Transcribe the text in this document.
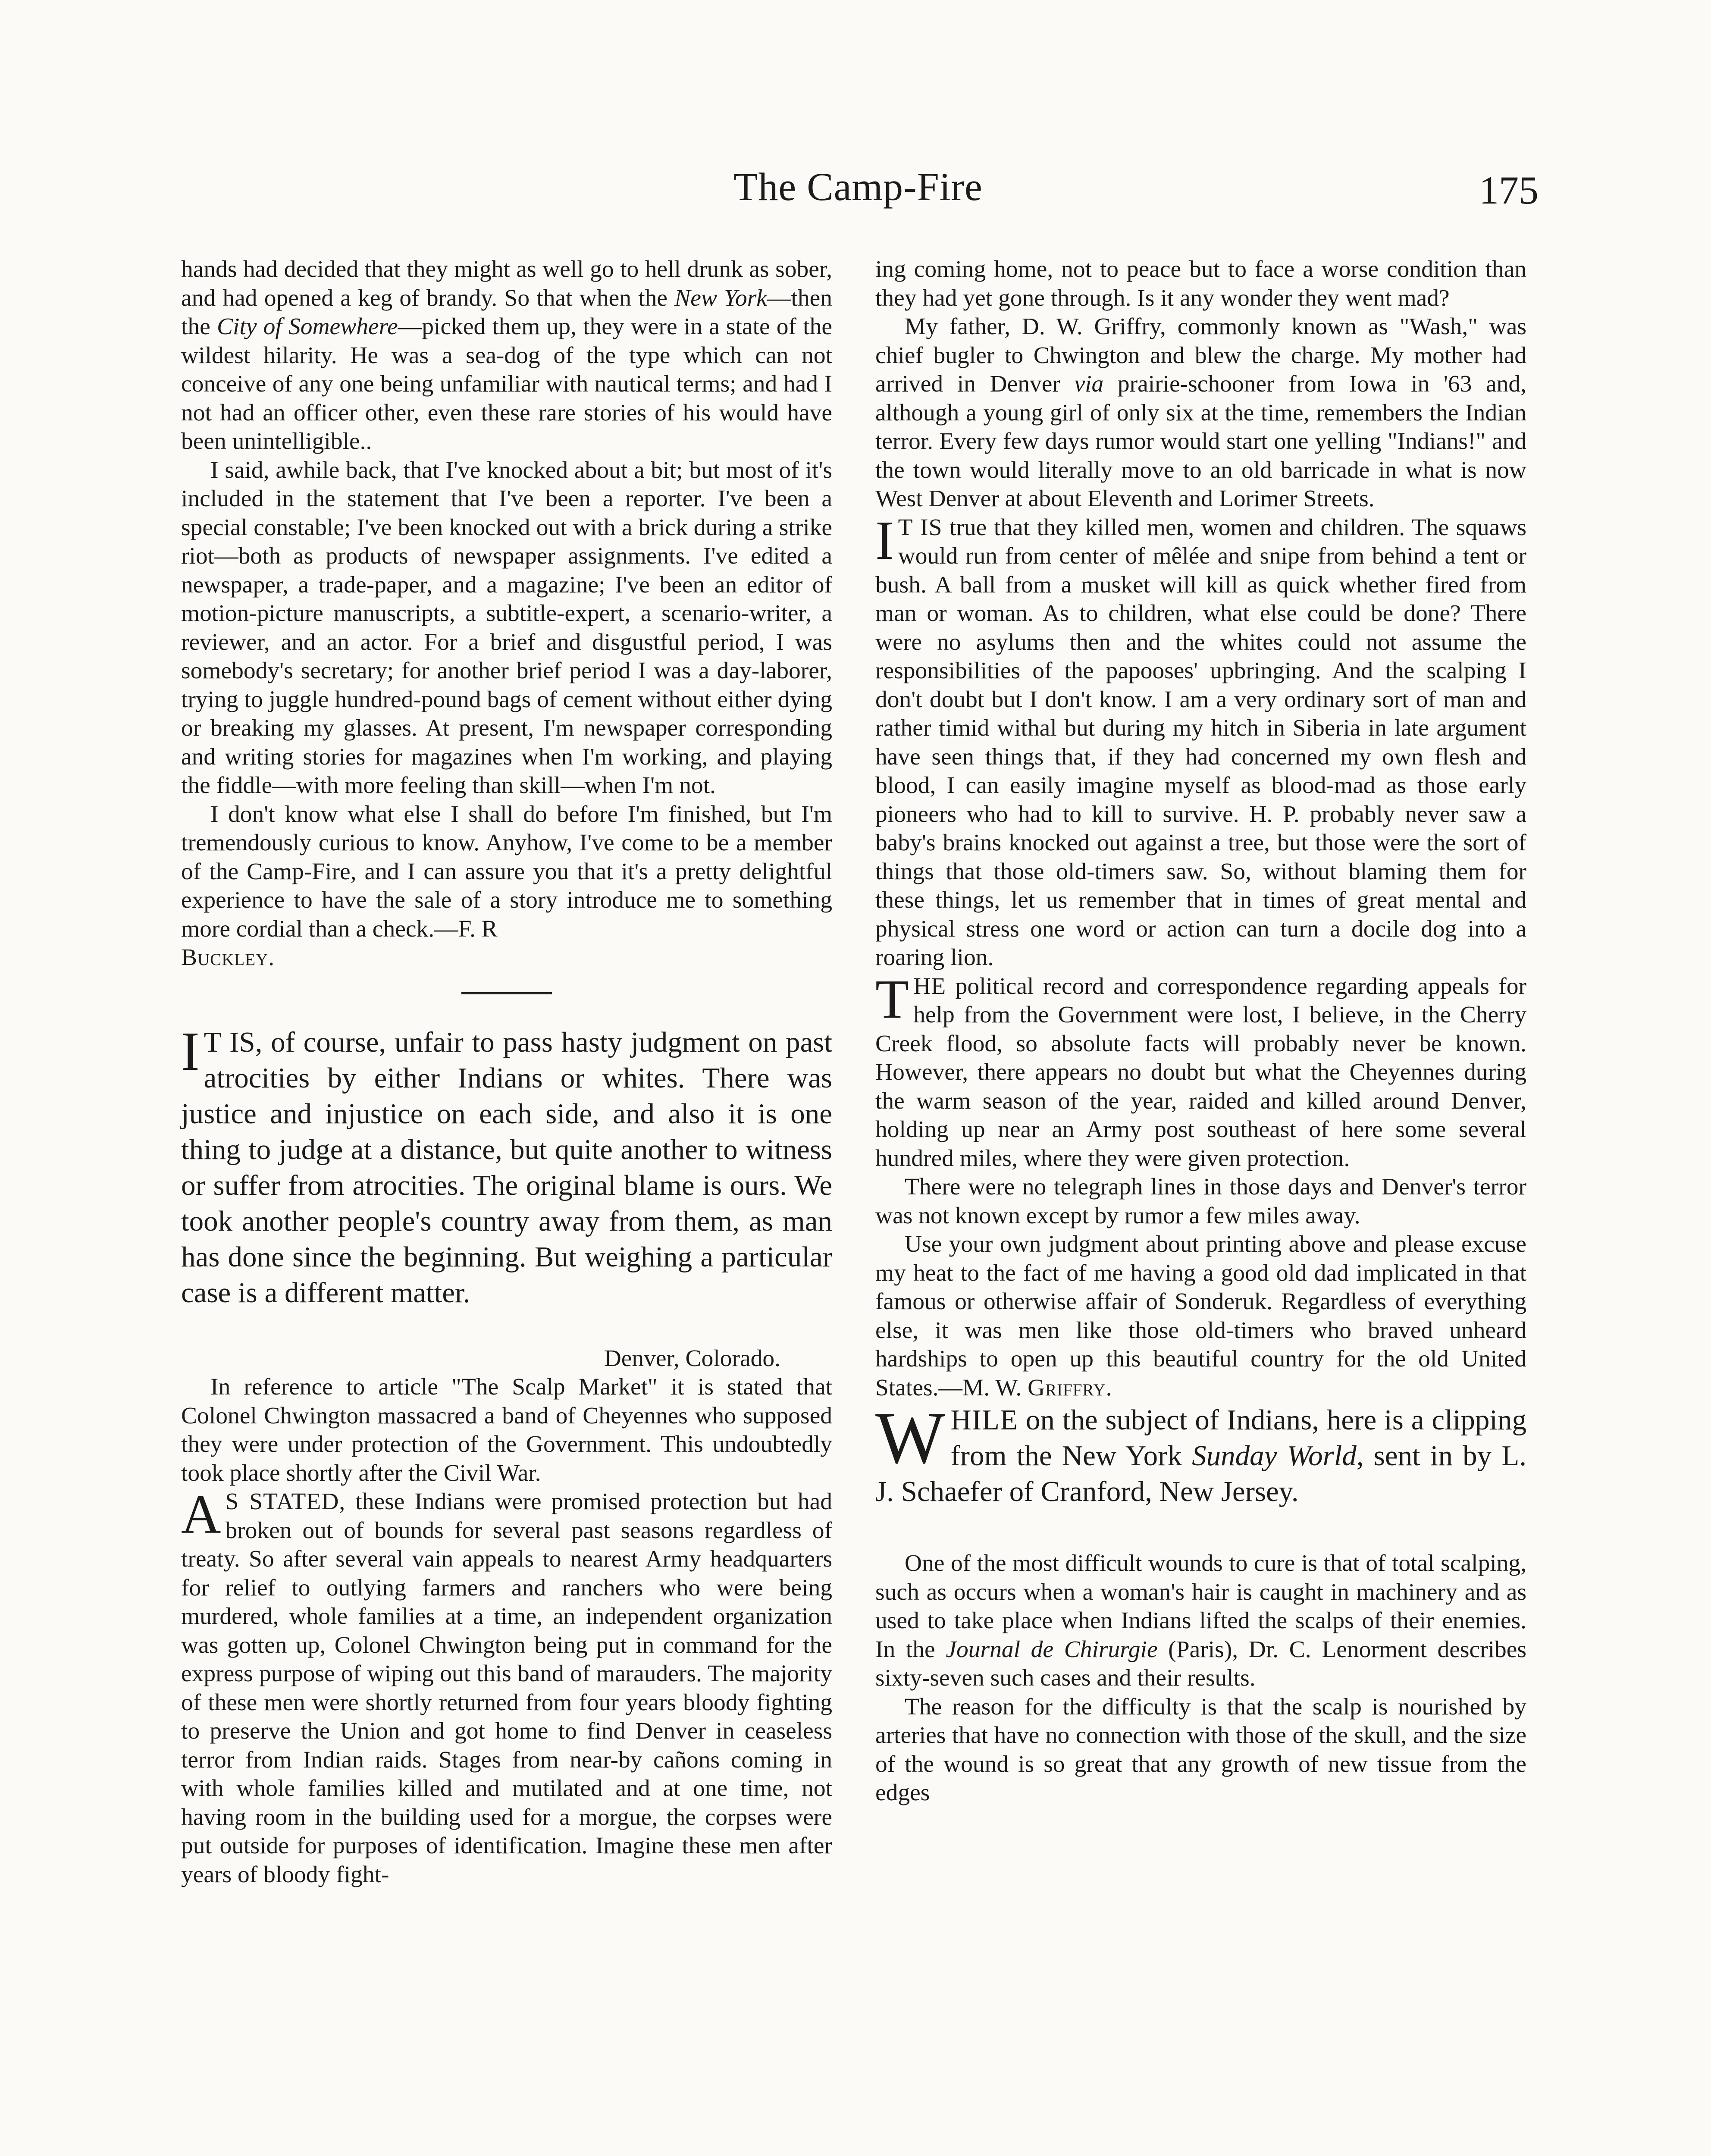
The Camp-Fire	175

hands had decided that they might as well go to hell drunk as sober, and had opened a keg of brandy. So that when the New York—then the City of Somewhere—picked them up, they were in a state of the wildest hilarity. He was a sea-dog of the type which can not conceive of any one being unfamiliar with nautical terms; and had I not had an officer other, even these rare stories of his would have been unintelligible..

I said, awhile back, that I've knocked about a bit; but most of it's included in the statement that I've been a reporter. I've been a special constable; I've been knocked out with a brick during a strike riot—both as products of newspaper assignments. I've edited a newspaper, a trade-paper, and a magazine; I've been an editor of motion-picture manuscripts, a subtitle-expert, a scenario-writer, a reviewer, and an actor. For a brief and disgustful period, I was somebody's secretary; for another brief period I was a day-laborer, trying to juggle hundred-pound bags of cement without either dying or breaking my glasses. At present, I'm newspaper corresponding and writing stories for magazines when I'm working, and playing the fiddle—with more feeling than skill—when I'm not.

I don't know what else I shall do before I'm finished, but I'm tremendously curious to know. Anyhow, I've come to be a member of the Camp-Fire, and I can assure you that it's a pretty delightful experience to have the sale of a story introduce me to something more cordial than a check.—F. R
Buckley.

I T IS, of course, unfair to pass hasty judgment on past atrocities by either Indians or whites. There was justice and injustice on each side, and also it is one thing to judge at a distance, but quite another to witness or suffer from atrocities. The original blame is ours. We took another people's country away from them, as man has done since the beginning. But weighing a particular case is a different matter.

Denver, Colorado.

In reference to article "The Scalp Market" it is stated that Colonel Chwington massacred a band of Cheyennes who supposed they were under protection of the Government. This undoubtedly took place shortly after the Civil War.

A S STATED, these Indians were promised protection but had broken out of bounds for several past seasons regardless of treaty. So after several vain appeals to nearest Army headquarters for relief to outlying farmers and ranchers who were being murdered, whole families at a time, an independent organization was gotten up, Colonel Chwington being put in command for the express purpose of wiping out this band of marauders. The majority of these men were shortly returned from four years bloody fighting to preserve the Union and got home to find Denver in ceaseless terror from Indian raids. Stages from near-by cañons coming in with whole families killed and mutilated and at one time, not having room in the building used for a morgue, the corpses were put outside for purposes of identification. Imagine these men after years of bloody fight-

ing coming home, not to peace but to face a worse condition than they had yet gone through. Is it any wonder they went mad?

My father, D. W. Griffry, commonly known as "Wash," was chief bugler to Chwington and blew the charge. My mother had arrived in Denver via prairie-schooner from Iowa in '63 and, although a young girl of only six at the time, remembers the Indian terror. Every few days rumor would start one yelling "Indians!" and the town would literally move to an old barricade in what is now West Denver at about Eleventh and Lorimer Streets.

I T IS true that they killed men, women and children. The squaws would run from center of mêlée and snipe from behind a tent or bush. A ball from a musket will kill as quick whether fired from man or woman. As to children, what else could be done? There were no asylums then and the whites could not assume the responsibilities of the papooses' upbringing. And the scalping I don't doubt but I don't know. I am a very ordinary sort of man and rather timid withal but during my hitch in Siberia in late argument have seen things that, if they had concerned my own flesh and blood, I can easily imagine myself as blood-mad as those early pioneers who had to kill to survive. H. P. probably never saw a baby's brains knocked out against a tree, but those were the sort of things that those old-timers saw. So, without blaming them for these things, let us remember that in times of great mental and physical stress one word or action can turn a docile dog into a roaring lion.

THE political record and correspondence regarding appeals for help from the Government were lost, I believe, in the Cherry Creek flood, so absolute facts will probably never be known. However, there appears no doubt but what the Cheyennes during the warm season of the year, raided and killed around Denver, holding up near an Army post southeast of here some several hundred miles, where they were given protection.

There were no telegraph lines in those days and Denver's terror was not known except by rumor a few miles away.

Use your own judgment about printing above and please excuse my heat to the fact of me having a good old dad implicated in that famous or otherwise affair of Sonderuk. Regardless of everything else, it was men like those old-timers who braved unheard hardships to open up this beautiful country for the old United States.—M. W. Griffry.

WHILE on the subject of Indians, here is a clipping from the New York Sunday World, sent in by L. J. Schaefer of Cranford, New Jersey.

One of the most difficult wounds to cure is that of total scalping, such as occurs when a woman's hair is caught in machinery and as used to take place when Indians lifted the scalps of their enemies. In the Journal de Chirurgie (Paris), Dr. C. Lenorment describes sixty-seven such cases and their results.

The reason for the difficulty is that the scalp is nourished by arteries that have no connection with those of the skull, and the size of the wound is so great that any growth of new tissue from the edges
